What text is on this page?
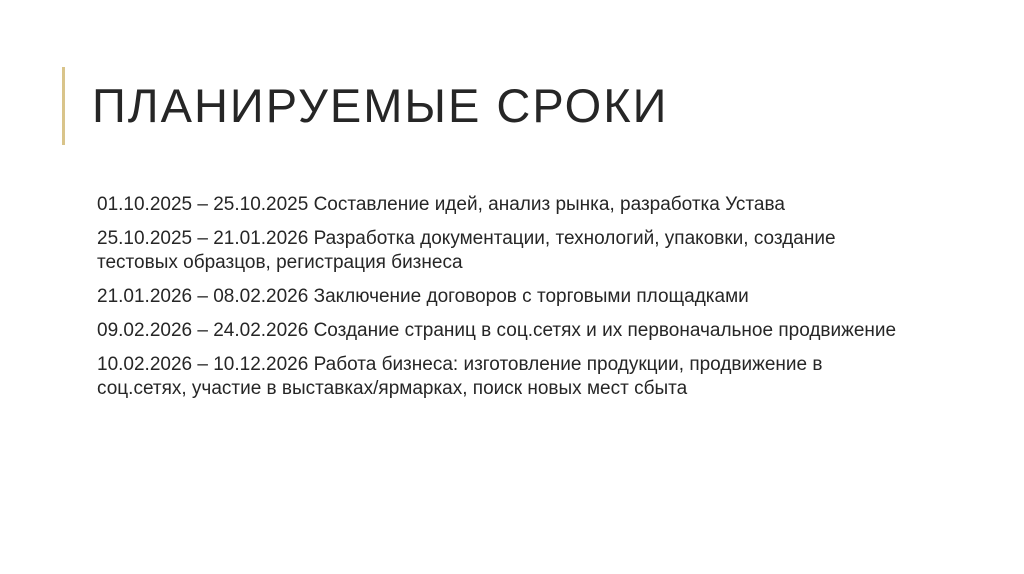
ПЛАНИРУЕМЫЕ СРОКИ
01.10.2025 – 25.10.2025 Составление идей, анализ рынка, разработка Устава
25.10.2025 – 21.01.2026 Разработка документации, технологий, упаковки, создание тестовых образцов, регистрация бизнеса
21.01.2026 – 08.02.2026 Заключение договоров с торговыми площадками
09.02.2026 – 24.02.2026 Создание страниц в соц.сетях и их первоначальное продвижение
10.02.2026 – 10.12.2026 Работа бизнеса: изготовление продукции, продвижение в соц.сетях, участие в выставках/ярмарках, поиск новых мест сбыта
